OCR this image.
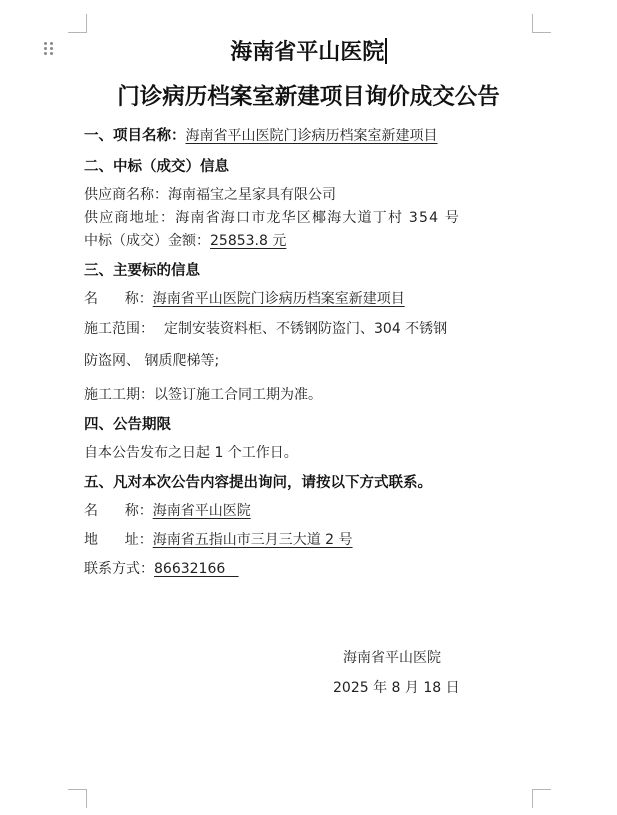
海南省平山医院
门诊病历档案室新建项目询价成交公告
一、项目名称：海南省平山医院门诊病历档案室新建项目
二、中标（成交）信息
供应商名称：海南福宝之星家具有限公司
供应商地址：海南省海口市龙华区椰海大道丁村 354 号
中标（成交）金额：25853.8 元
三、主要标的信息
名      称：海南省平山医院门诊病历档案室新建项目
施工范围： 定制安装资料柜、不锈钢防盗门、304 不锈钢
防盗网、 钢质爬梯等;
施工工期：以签订施工合同工期为准。
四、公告期限
自本公告发布之日起 1 个工作日。
五、凡对本次公告内容提出询问，请按以下方式联系。
名      称：海南省平山医院
地      址：海南省五指山市三月三大道 2 号
联系方式：86632166
海南省平山医院
2025 年 8 月 18 日
